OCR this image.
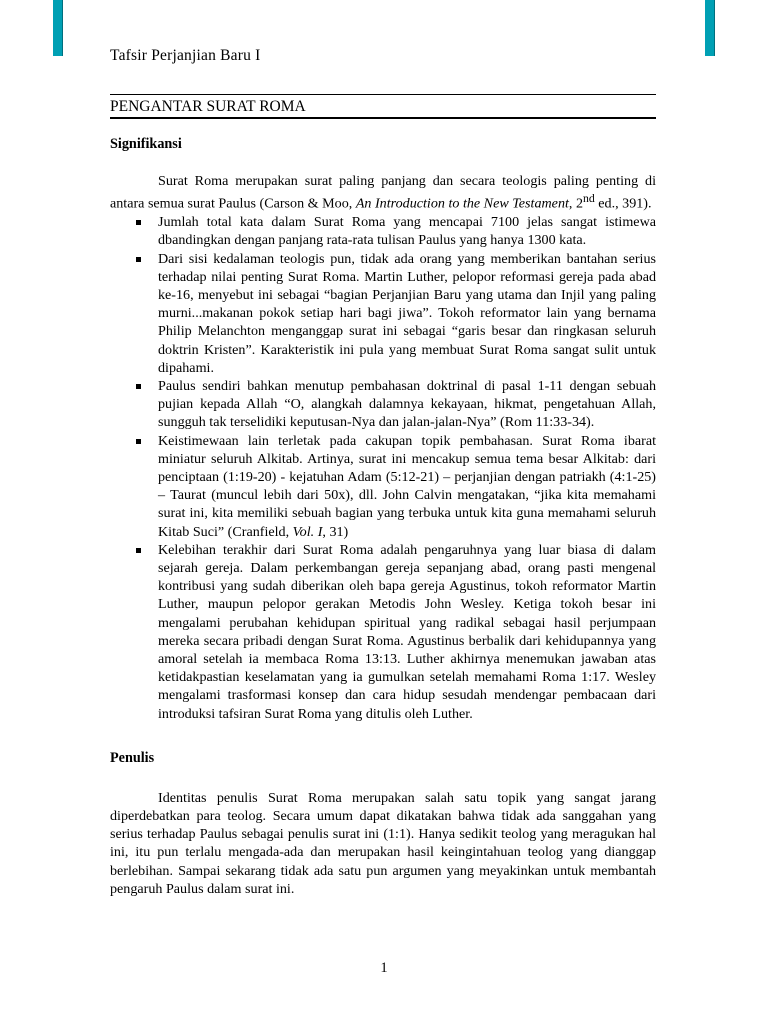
Tafsir Perjanjian Baru I
PENGANTAR SURAT ROMA
Signifikansi

Surat Roma merupakan surat paling panjang dan secara teologis paling penting di antara semua surat Paulus (Carson & Moo, An Introduction to the New Testament, 2nd ed., 391).

Jumlah total kata dalam Surat Roma yang mencapai 7100 jelas sangat istimewa dbandingkan dengan panjang rata-rata tulisan Paulus yang hanya 1300 kata.
Dari sisi kedalaman teologis pun, tidak ada orang yang memberikan bantahan serius terhadap nilai penting Surat Roma. Martin Luther, pelopor reformasi gereja pada abad ke-16, menyebut ini sebagai “bagian Perjanjian Baru yang utama dan Injil yang paling murni...makanan pokok setiap hari bagi jiwa”. Tokoh reformator lain yang bernama Philip Melanchton menganggap surat ini sebagai “garis besar dan ringkasan seluruh doktrin Kristen”. Karakteristik ini pula yang membuat Surat Roma sangat sulit untuk dipahami.
Paulus sendiri bahkan menutup pembahasan doktrinal di pasal 1-11 dengan sebuah pujian kepada Allah “O, alangkah dalamnya kekayaan, hikmat, pengetahuan Allah, sungguh tak terselidiki keputusan-Nya dan jalan-jalan-Nya” (Rom 11:33-34).
Keistimewaan lain terletak pada cakupan topik pembahasan. Surat Roma ibarat miniatur seluruh Alkitab. Artinya, surat ini mencakup semua tema besar Alkitab: dari penciptaan (1:19-20) - kejatuhan Adam (5:12-21) – perjanjian dengan patriakh (4:1-25) – Taurat (muncul lebih dari 50x), dll. John Calvin mengatakan, “jika kita memahami surat ini, kita memiliki sebuah bagian yang terbuka untuk kita guna memahami seluruh Kitab Suci” (Cranfield, Vol. I, 31)
Kelebihan terakhir dari Surat Roma adalah pengaruhnya yang luar biasa di dalam sejarah gereja. Dalam perkembangan gereja sepanjang abad, orang pasti mengenal kontribusi yang sudah diberikan oleh bapa gereja Agustinus, tokoh reformator Martin Luther, maupun pelopor gerakan Metodis John Wesley. Ketiga tokoh besar ini mengalami perubahan kehidupan spiritual yang radikal sebagai hasil perjumpaan mereka secara pribadi dengan Surat Roma. Agustinus berbalik dari kehidupannya yang amoral setelah ia membaca Roma 13:13. Luther akhirnya menemukan jawaban atas ketidakpastian keselamatan yang ia gumulkan setelah memahami Roma 1:17. Wesley mengalami trasformasi konsep dan cara hidup sesudah mendengar pembacaan dari introduksi tafsiran Surat Roma yang ditulis oleh Luther.
Penulis

Identitas penulis Surat Roma merupakan salah satu topik yang sangat jarang diperdebatkan para teolog. Secara umum dapat dikatakan bahwa tidak ada sanggahan yang serius terhadap Paulus sebagai penulis surat ini (1:1). Hanya sedikit teolog yang meragukan hal ini, itu pun terlalu mengada-ada dan merupakan hasil keingintahuan teolog yang dianggap berlebihan. Sampai sekarang tidak ada satu pun argumen yang meyakinkan untuk membantah pengaruh Paulus dalam surat ini.

1
